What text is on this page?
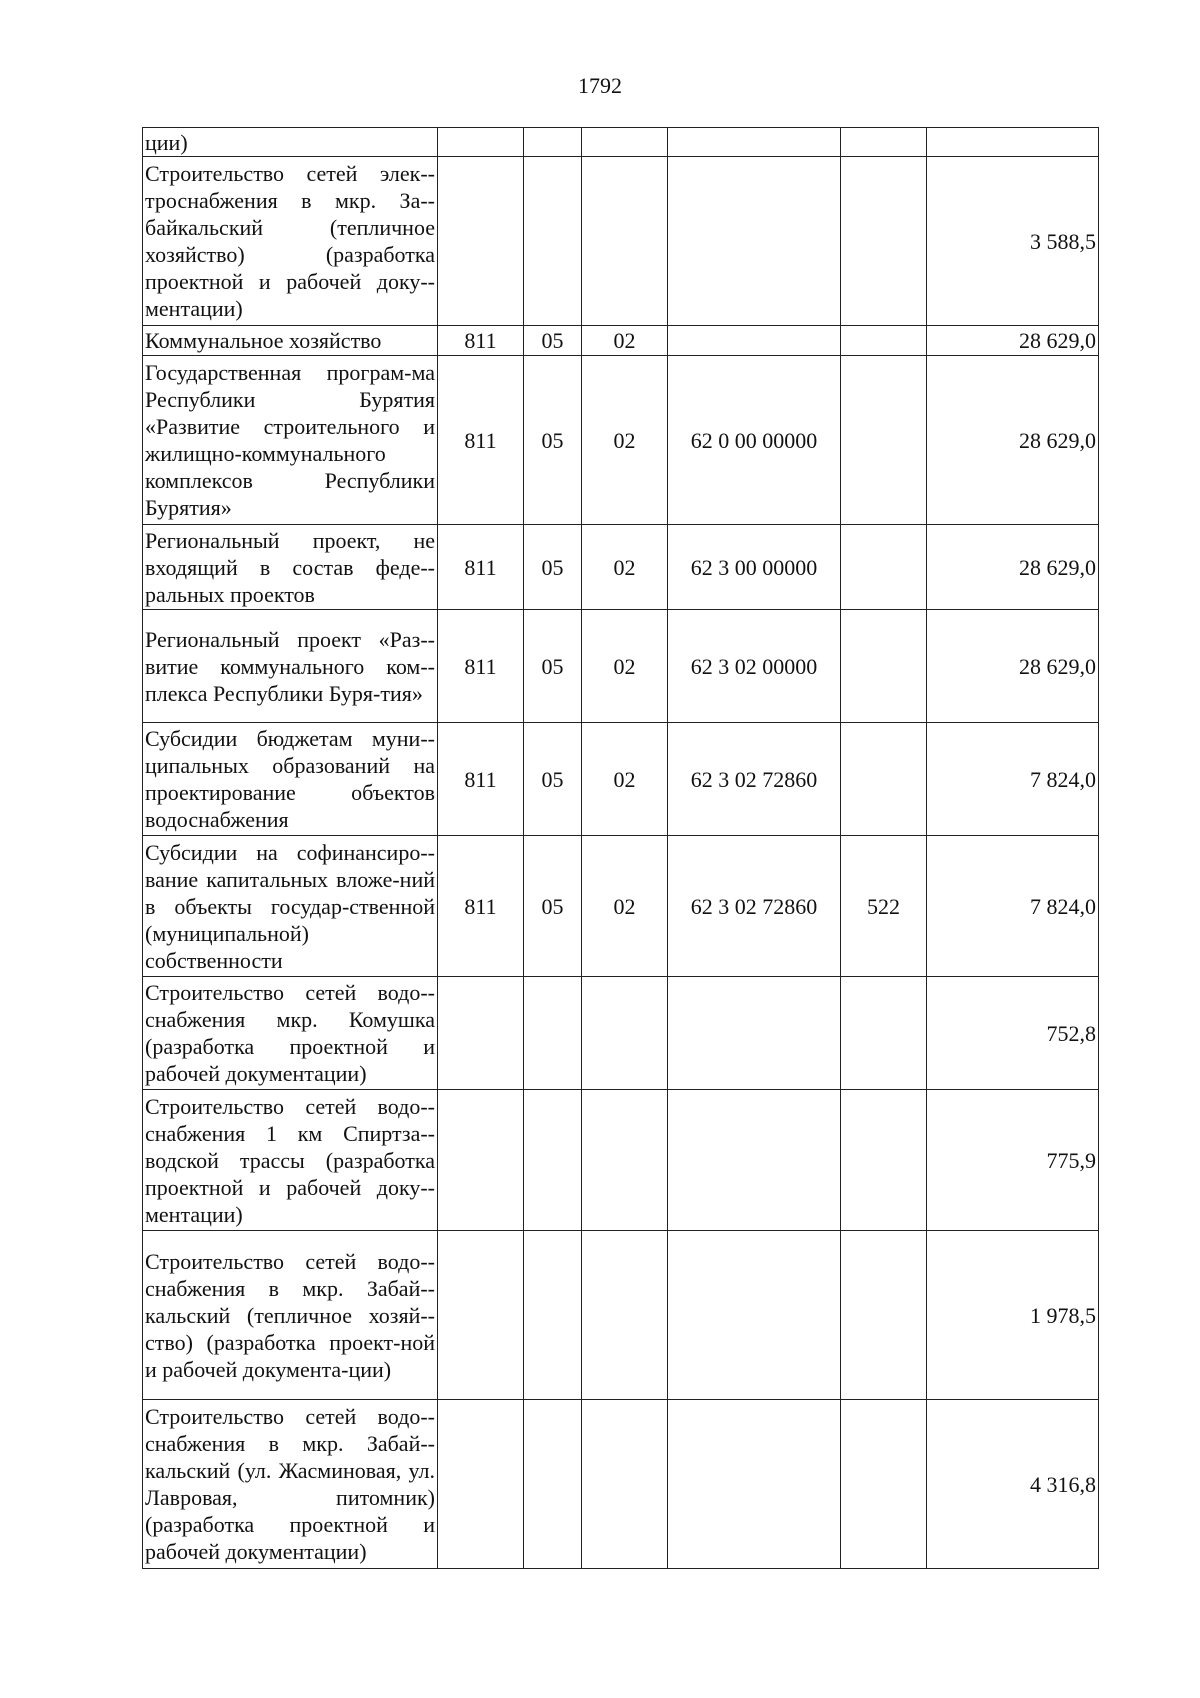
1792
ции)						
Строительство сетей элек-троснабжения в мкр. За-байкальский (тепличное хозяйство) (разработка проектной и рабочей доку-ментации)						3 588,5
Коммунальное хозяйство	811	05	02			28 629,0
Государственная програм-ма Республики Бурятия «Развитие строительного и жилищно-коммунального комплексов Республики Бурятия»	811	05	02	62 0 00 00000		28 629,0
Региональный проект, не входящий в состав феде-ральных проектов	811	05	02	62 3 00 00000		28 629,0
Региональный проект «Раз-витие коммунального ком-плекса Республики Буря-тия»	811	05	02	62 3 02 00000		28 629,0
Субсидии бюджетам муни-ципальных образований на проектирование объектов водоснабжения	811	05	02	62 3 02 72860		7 824,0
Субсидии на софинансиро-вание капитальных вложе-ний в объекты государ-ственной (муниципальной) собственности	811	05	02	62 3 02 72860	522	7 824,0
Строительство сетей водо-снабжения мкр. Комушка (разработка проектной и рабочей документации)						752,8
Строительство сетей водо-снабжения 1 км Спиртза-водской трассы (разработка проектной и рабочей доку-ментации)						775,9
Строительство сетей водо-снабжения в мкр. Забай-кальский (тепличное хозяй-ство) (разработка проект-ной и рабочей документа-ции)						1 978,5
Строительство сетей водо-снабжения в мкр. Забай-кальский (ул. Жасминовая, ул. Лавровая, питомник) (разработка проектной и рабочей документации)						4 316,8
